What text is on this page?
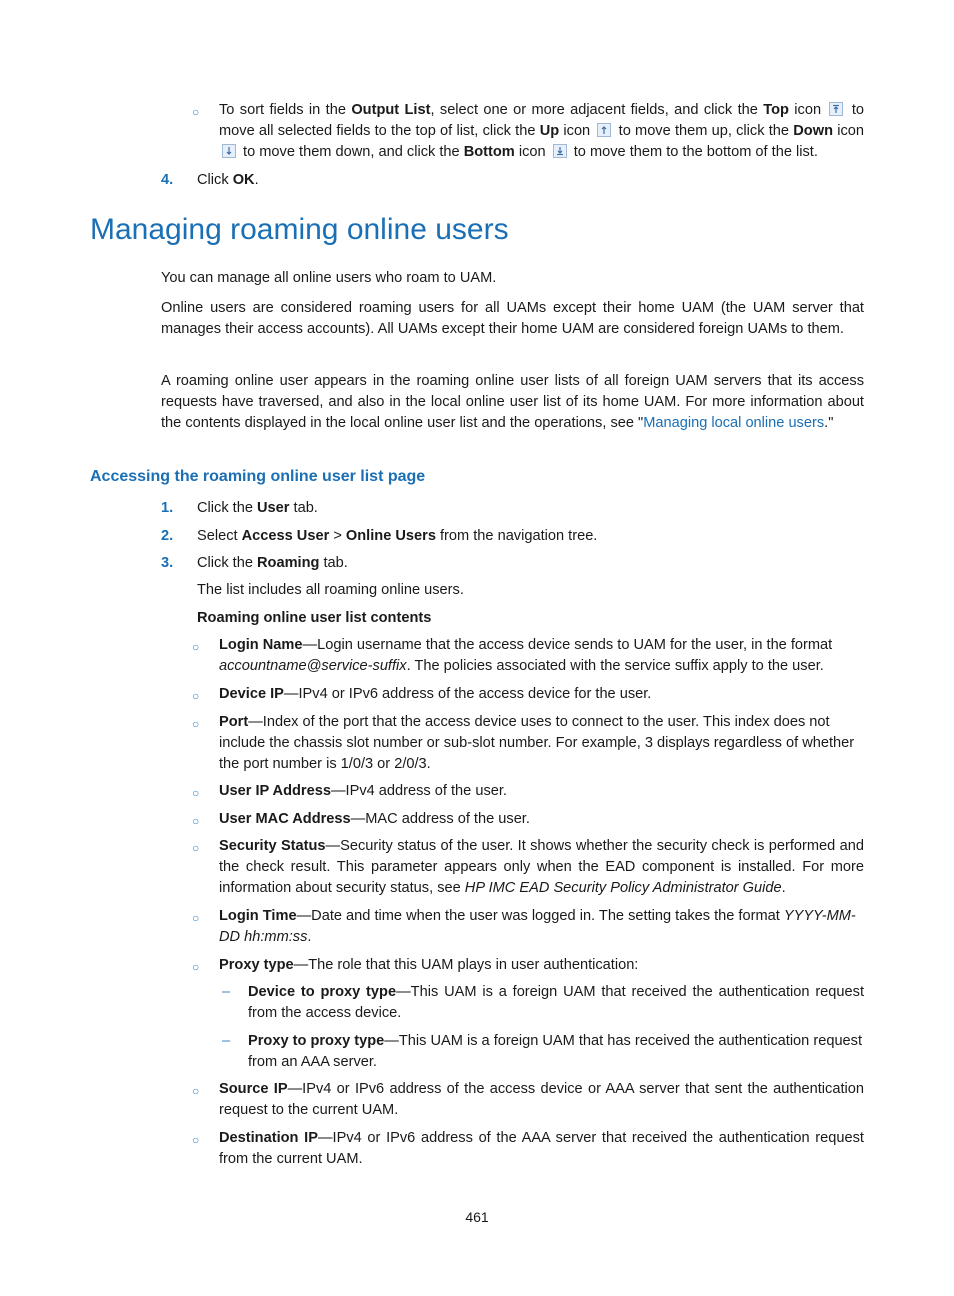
○ To sort fields in the Output List, select one or more adjacent fields, and click the Top icon
to move all selected fields to the top of list, click the Up icon
to move them up, click the Down icon
to move them down, and click the Bottom icon
to move them to the bottom of the list.
4. Click OK.
Managing roaming online users
You can manage all online users who roam to UAM.
Online users are considered roaming users for all UAMs except their home UAM (the UAM server that manages their access accounts). All UAMs except their home UAM are considered foreign UAMs to them.
A roaming online user appears in the roaming online user lists of all foreign UAM servers that its access requests have traversed, and also in the local online user list of its home UAM. For more information about the contents displayed in the local online user list and the operations, see "Managing local online users."
Accessing the roaming online user list page
1. Click the User tab.
2. Select Access User > Online Users from the navigation tree.
3. Click the Roaming tab.
The list includes all roaming online users.
Roaming online user list contents
○ Login Name—Login username that the access device sends to UAM for the user, in the format accountname@service-suffix. The policies associated with the service suffix apply to the user.
○ Device IP—IPv4 or IPv6 address of the access device for the user.
○ Port—Index of the port that the access device uses to connect to the user. This index does not include the chassis slot number or sub-slot number. For example, 3 displays regardless of whether the port number is 1/0/3 or 2/0/3.
○ User IP Address—IPv4 address of the user.
○ User MAC Address—MAC address of the user.
○ Security Status—Security status of the user. It shows whether the security check is performed and the check result. This parameter appears only when the EAD component is installed. For more information about security status, see HP IMC EAD Security Policy Administrator Guide.
○ Login Time—Date and time when the user was logged in. The setting takes the format YYYY-MM-DD hh:mm:ss.
○ Proxy type—The role that this UAM plays in user authentication:
– Device to proxy type—This UAM is a foreign UAM that received the authentication request from the access device.
– Proxy to proxy type—This UAM is a foreign UAM that has received the authentication request from an AAA server.
○ Source IP—IPv4 or IPv6 address of the access device or AAA server that sent the authentication request to the current UAM.
○ Destination IP—IPv4 or IPv6 address of the AAA server that received the authentication request from the current UAM.
461
